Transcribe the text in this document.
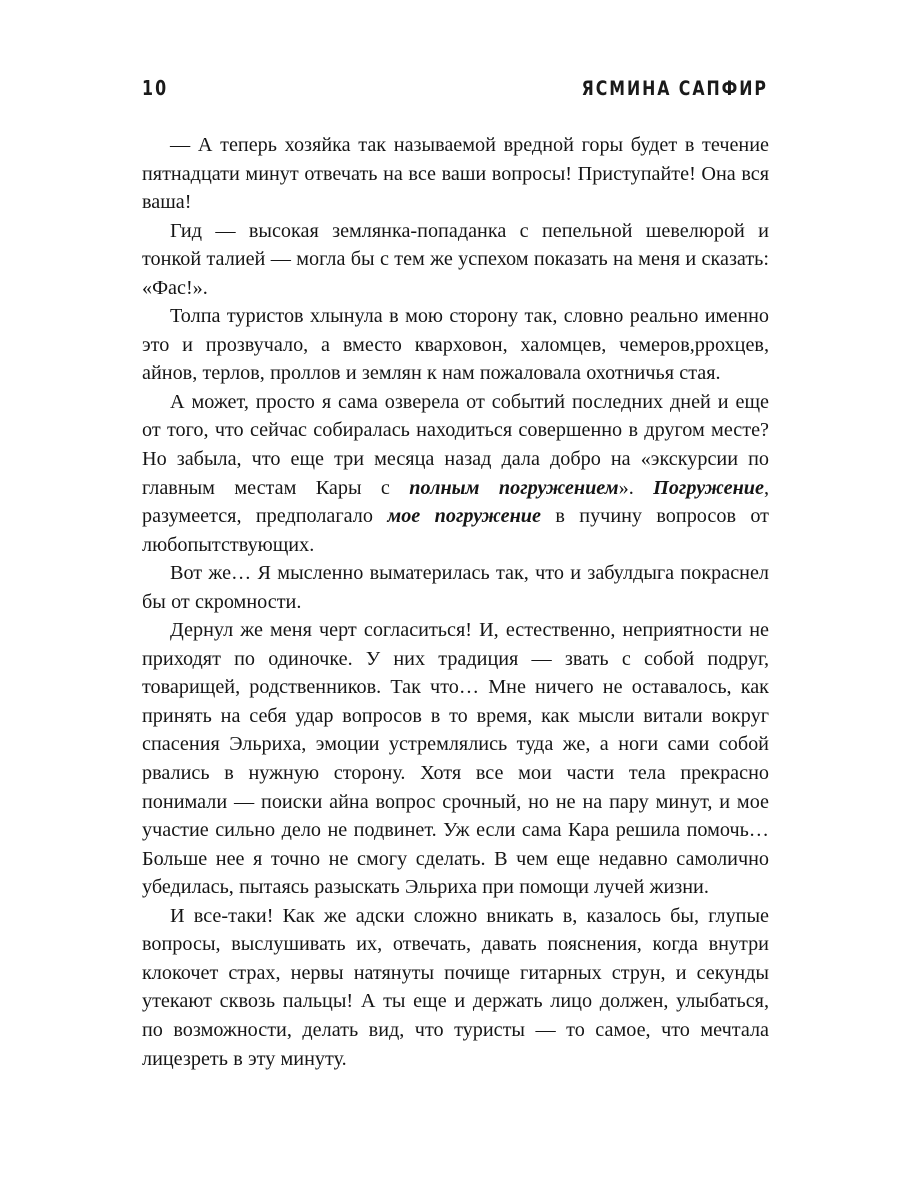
10	ЯСМИНА САПФИР

— А теперь хозяйка так называемой вредной горы будет в течение пятнадцати минут отвечать на все ваши вопросы! Приступайте! Она вся ваша!

Гид — высокая землянка-попаданка с пепельной шевелюрой и тонкой талией — могла бы с тем же успехом показать на меня и сказать: «Фас!».

Толпа туристов хлынула в мою сторону так, словно реально именно это и прозвучало, а вместо кварховон, халомцев, чемеров,ррохцев, айнов, терлов, проллов и землян к нам пожаловала охотничья стая.

А может, просто я сама озверела от событий последних дней и еще от того, что сейчас собиралась находиться совершенно в другом месте? Но забыла, что еще три месяца назад дала добро на «экскурсии по главным местам Кары с полным погружением». Погружение, разумеется, предполагало мое погружение в пучину вопросов от любопытствующих.

Вот же… Я мысленно выматерилась так, что и забулдыга покраснел бы от скромности.

Дернул же меня черт согласиться! И, естественно, неприятности не приходят по одиночке. У них традиция — звать с собой подруг, товарищей, родственников. Так что… Мне ничего не оставалось, как принять на себя удар вопросов в то время, как мысли витали вокруг спасения Эльриха, эмоции устремлялись туда же, а ноги сами собой рвались в нужную сторону. Хотя все мои части тела прекрасно понимали — поиски айна вопрос срочный, но не на пару минут, и мое участие сильно дело не подвинет. Уж если сама Кара решила помочь… Больше нее я точно не смогу сделать. В чем еще недавно самолично убедилась, пытаясь разыскать Эльриха при помощи лучей жизни.

И все-таки! Как же адски сложно вникать в, казалось бы, глупые вопросы, выслушивать их, отвечать, давать пояснения, когда внутри клокочет страх, нервы натянуты почище гитарных струн, и секунды утекают сквозь пальцы! А ты еще и держать лицо должен, улыбаться, по возможности, делать вид, что туристы — то самое, что мечтала лицезреть в эту минуту.
